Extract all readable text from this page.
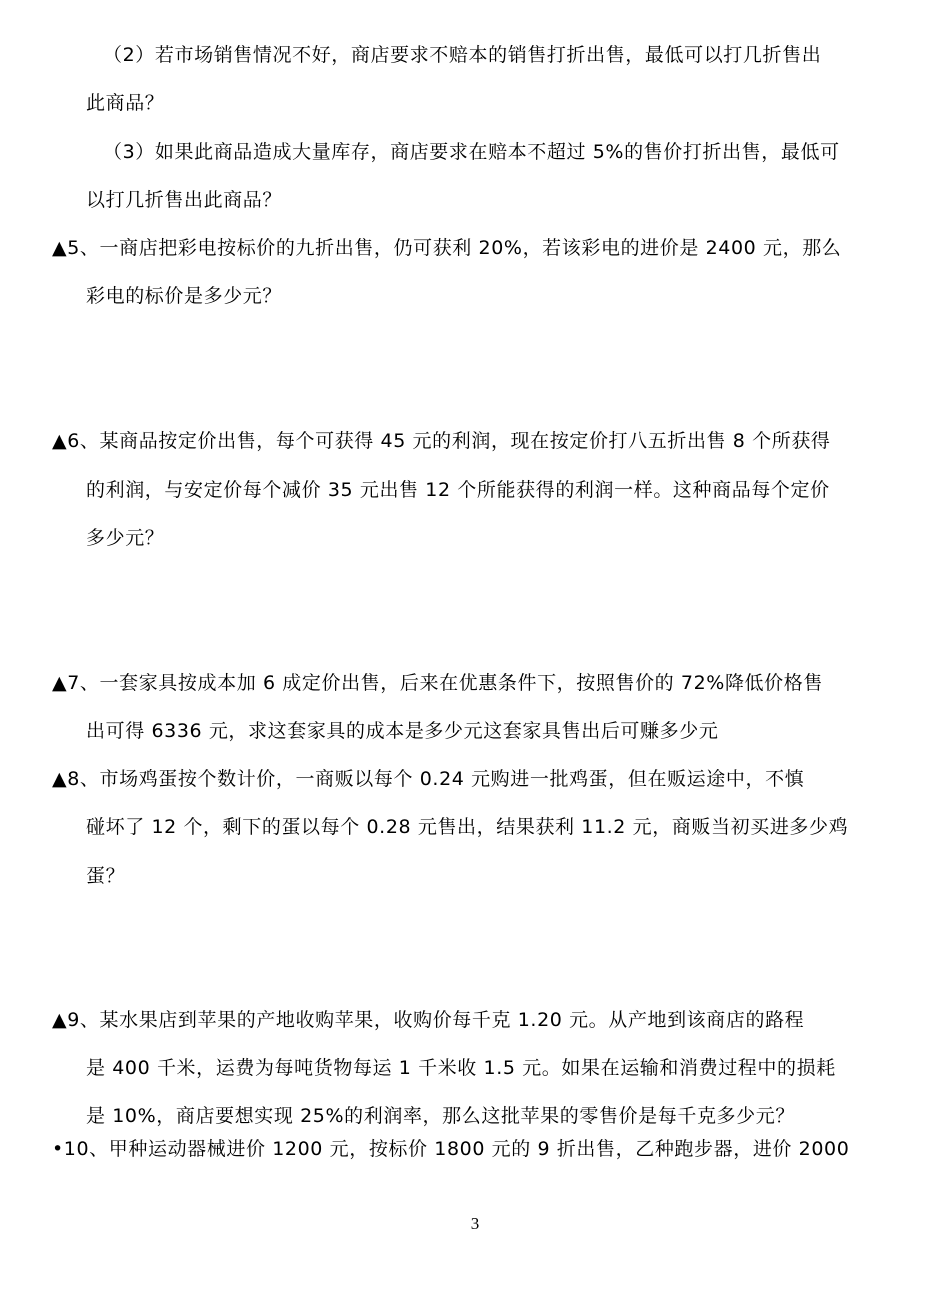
（2）若市场销售情况不好，商店要求不赔本的销售打折出售，最低可以打几折售出
此商品？
（3）如果此商品造成大量库存，商店要求在赔本不超过 5%的售价打折出售，最低可
以打几折售出此商品？
▲5、一商店把彩电按标价的九折出售，仍可获利 20%，若该彩电的进价是 2400 元，那么
彩电的标价是多少元？
▲6、某商品按定价出售，每个可获得 45 元的利润，现在按定价打八五折出售 8 个所获得
的利润，与安定价每个减价 35 元出售 12 个所能获得的利润一样。这种商品每个定价
多少元？
▲7、一套家具按成本加 6 成定价出售，后来在优惠条件下，按照售价的 72%降低价格售
出可得 6336 元，求这套家具的成本是多少元这套家具售出后可赚多少元
▲8、市场鸡蛋按个数计价，一商贩以每个 0.24 元购进一批鸡蛋，但在贩运途中，不慎
碰坏了 12 个，剩下的蛋以每个 0.28 元售出，结果获利 11.2 元，商贩当初买进多少鸡
蛋？
▲9、某水果店到苹果的产地收购苹果，收购价每千克 1.20 元。从产地到该商店的路程
是 400 千米，运费为每吨货物每运 1 千米收 1.5 元。如果在运输和消费过程中的损耗
是 10%，商店要想实现 25%的利润率，那么这批苹果的零售价是每千克多少元？
•10、甲种运动器械进价 1200 元，按标价 1800 元的 9 折出售，乙种跑步器，进价 2000
3
